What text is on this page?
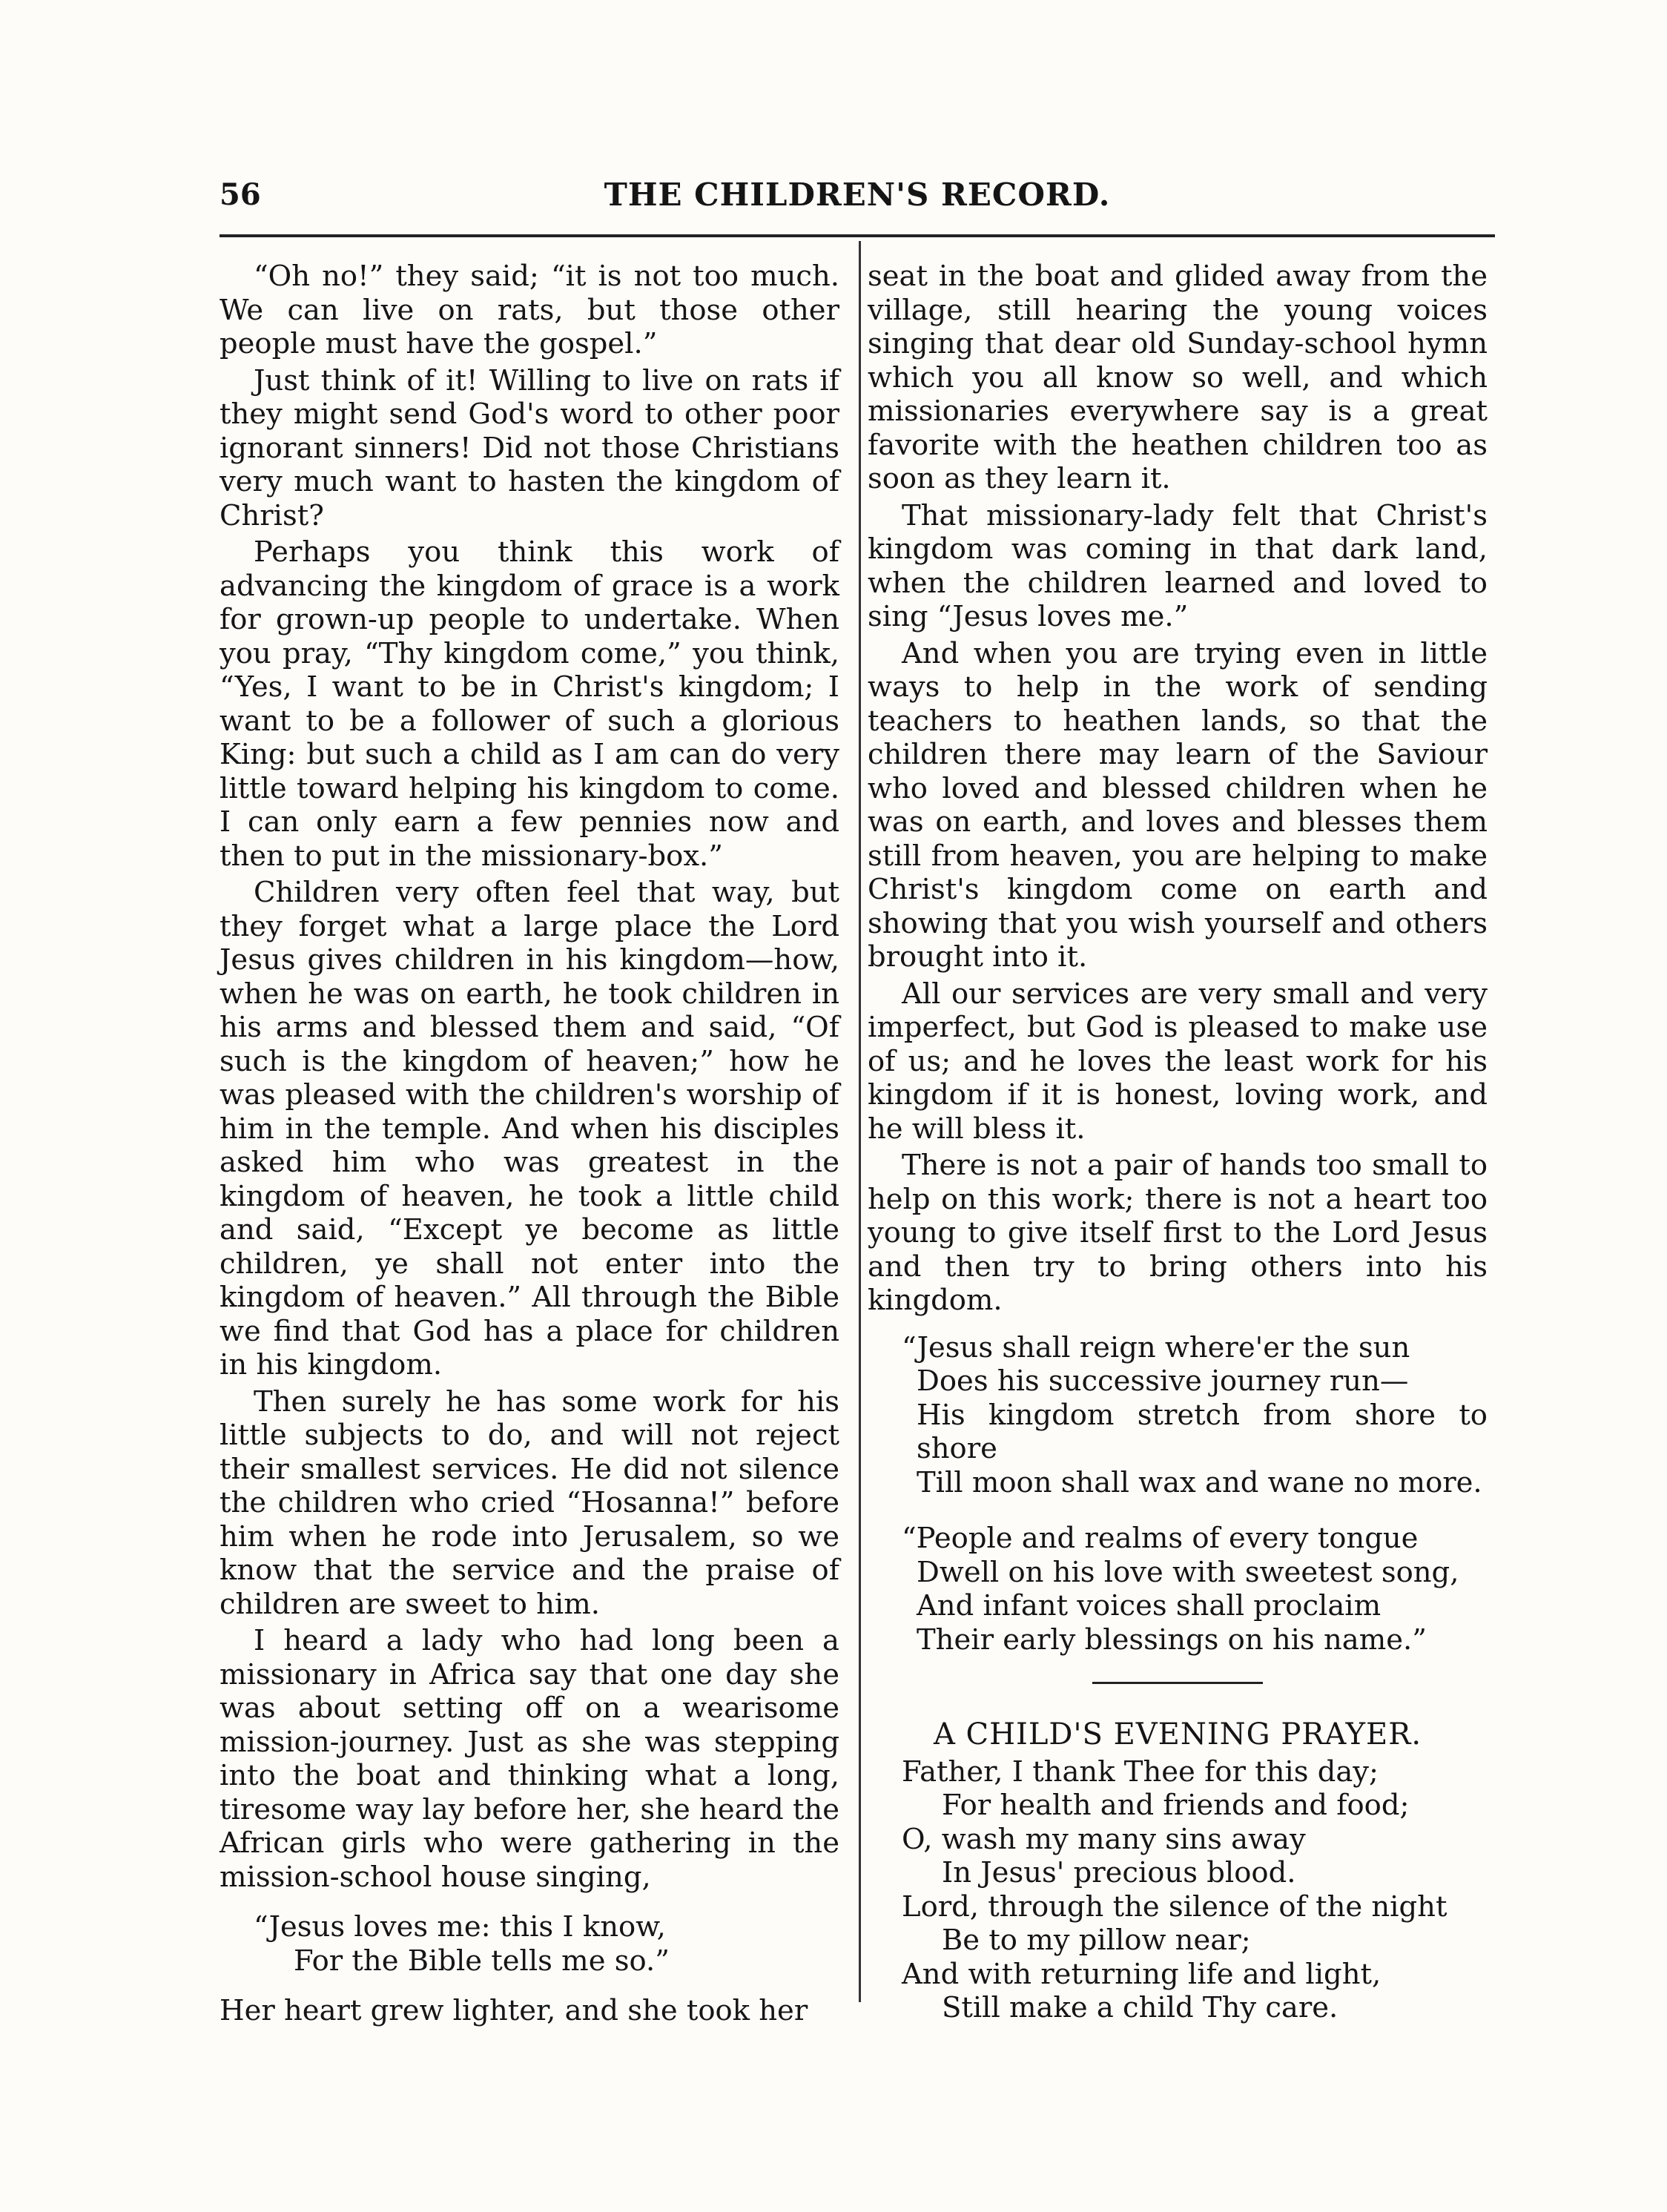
56	THE CHILDREN'S RECORD.

“Oh no!” they said; “it is not too much. We can live on rats, but those other people must have the gospel.”

Just think of it! Willing to live on rats if they might send God's word to other poor ignorant sinners! Did not those Christians very much want to hasten the kingdom of Christ?

Perhaps you think this work of advancing the kingdom of grace is a work for grown-up people to undertake. When you pray, “Thy kingdom come,” you think, “Yes, I want to be in Christ's kingdom; I want to be a follower of such a glorious King: but such a child as I am can do very little toward helping his kingdom to come. I can only earn a few pennies now and then to put in the missionary-box.”

Children very often feel that way, but they forget what a large place the Lord Jesus gives children in his kingdom—how, when he was on earth, he took children in his arms and blessed them and said, “Of such is the kingdom of heaven;” how he was pleased with the children's worship of him in the temple. And when his disciples asked him who was greatest in the kingdom of heaven, he took a little child and said, “Except ye become as little children, ye shall not enter into the kingdom of heaven.” All through the Bible we find that God has a place for children in his kingdom.

Then surely he has some work for his little subjects to do, and will not reject their smallest services. He did not silence the children who cried “Hosanna!” before him when he rode into Jerusalem, so we know that the service and the praise of children are sweet to him.

I heard a lady who had long been a missionary in Africa say that one day she was about setting off on a wearisome mission-journey. Just as she was stepping into the boat and thinking what a long, tiresome way lay before her, she heard the African girls who were gathering in the mission-school house singing,

“Jesus loves me: this I know,
For the Bible tells me so.”

Her heart grew lighter, and she took her

seat in the boat and glided away from the village, still hearing the young voices singing that dear old Sunday-school hymn which you all know so well, and which missionaries everywhere say is a great favorite with the heathen children too as soon as they learn it.

That missionary-lady felt that Christ's kingdom was coming in that dark land, when the children learned and loved to sing “Jesus loves me.”

And when you are trying even in little ways to help in the work of sending teachers to heathen lands, so that the children there may learn of the Saviour who loved and blessed children when he was on earth, and loves and blesses them still from heaven, you are helping to make Christ's kingdom come on earth and showing that you wish yourself and others brought into it.

All our services are very small and very imperfect, but God is pleased to make use of us; and he loves the least work for his kingdom if it is honest, loving work, and he will bless it.

There is not a pair of hands too small to help on this work; there is not a heart too young to give itself first to the Lord Jesus and then try to bring others into his kingdom.

“Jesus shall reign where'er the sun
Does his successive journey run—
His kingdom stretch from shore to shore
Till moon shall wax and wane no more.
“People and realms of every tongue
Dwell on his love with sweetest song,
And infant voices shall proclaim
Their early blessings on his name.”
A CHILD'S EVENING PRAYER.
Father, I thank Thee for this day;
For health and friends and food;
O, wash my many sins away
In Jesus' precious blood.
Lord, through the silence of the night
Be to my pillow near;
And with returning life and light,
Still make a child Thy care.
